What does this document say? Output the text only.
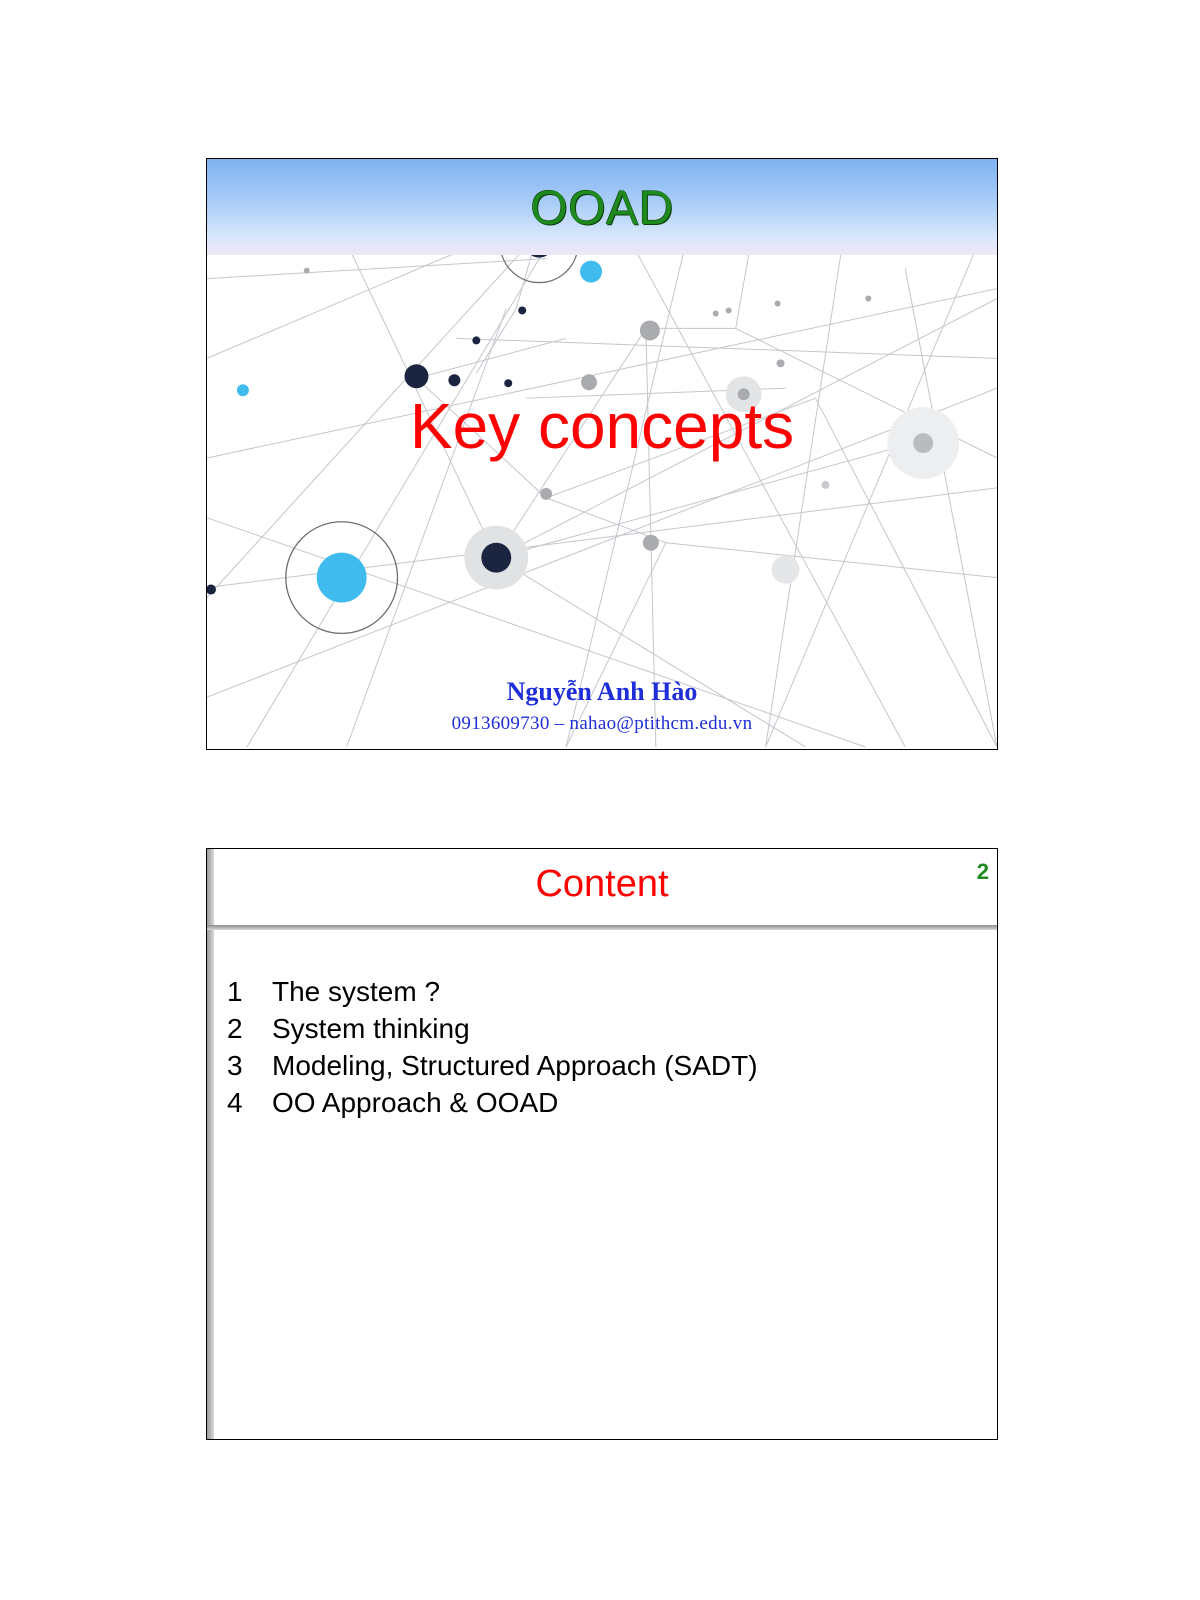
OOAD
Key concepts
Nguyễn Anh Hào
0913609730 – nahao@ptithcm.edu.vn
Content	2
1 The system ?
2 System thinking
3 Modeling, Structured Approach (SADT)
4 OO Approach & OOAD
